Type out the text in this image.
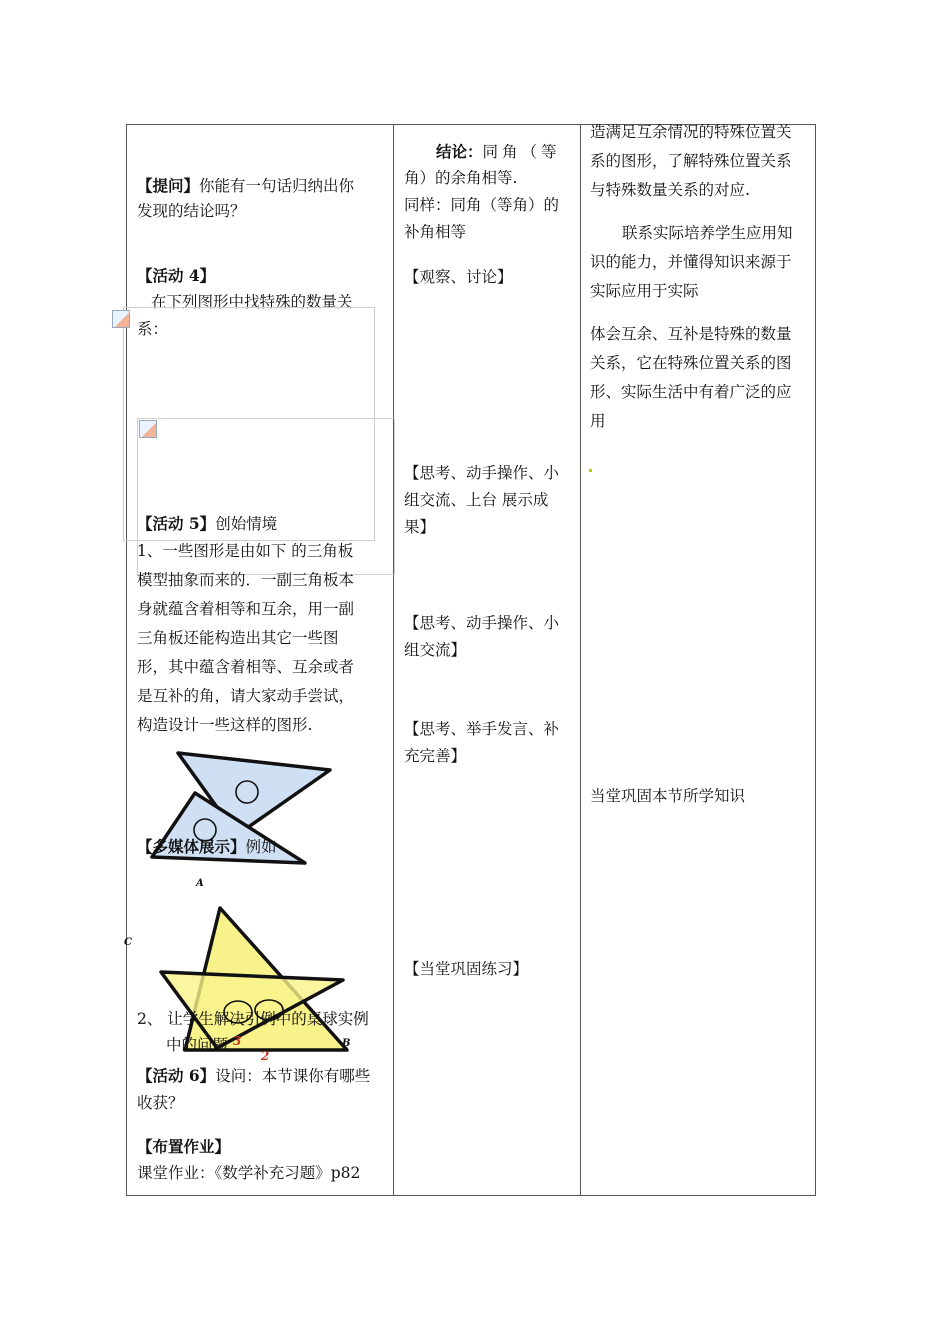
【提问】你能有一句话归纳出你
发现的结论吗？
【活动 4】
在下列图形中找特殊的数量关
系：
【活动 5】创始情境
1、一些图形是由如下 的三角板
模型抽象而来的．一副三角板本
身就蕴含着相等和互余，用一副
三角板还能构造出其它一些图
形，其中蕴含着相等、互余或者
是互补的角，请大家动手尝试，
构造设计一些这样的图形.
【多媒体展示】例如
A
C
B
3
2
2、 让学生解决引例中的桌球实例
中的问题
【活动 6】设问：本节课你有哪些
收获？
【布置作业】
课堂作业：《数学补充习题》p82
结论：同角（等
角）的余角相等.
同样：同角（等角）的
补角相等
【观察、讨论】
【思考、动手操作、小
组交流、上台 展示成
果】
【思考、动手操作、小
组交流】
【思考、举手发言、补
充完善】
【当堂巩固练习】
造满足互余情况的特殊位置关
系的图形，了解特殊位置关系
与特殊数量关系的对应.
联系实际培养学生应用知
识的能力，并懂得知识来源于
实际应用于实际
体会互余、互补是特殊的数量
关系，它在特殊位置关系的图
形、实际生活中有着广泛的应
用
当堂巩固本节所学知识
